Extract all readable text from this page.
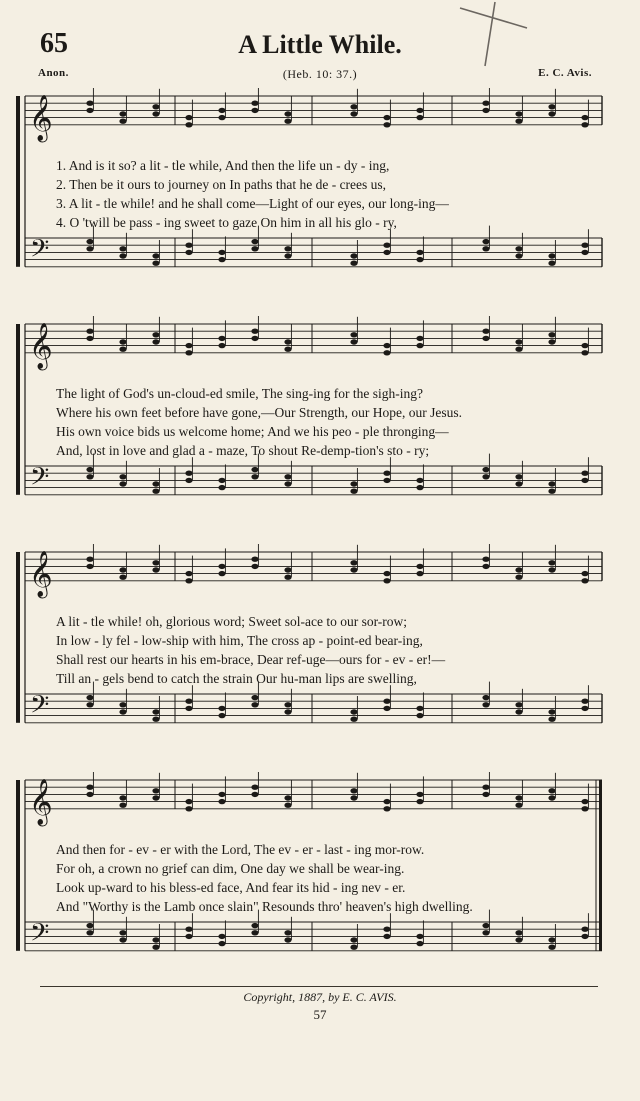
65	A Little While.
Anon.	(Heb. 10: 37.)	E. C. Avis.
𝄞
𝄢
1. And is it so? a lit - tle while, And then the life un - dy - ing,
2. Then be it ours to journey on In paths that he de - crees us,
3. A lit - tle while! and he shall come—Light of our eyes, our long-ing—
4. O 'twill be pass - ing sweet to gaze On him in all his glo - ry,
𝄞
𝄢
The light of God's un-cloud-ed smile, The sing-ing for the sigh-ing?
Where his own feet before have gone,—Our Strength, our Hope, our Jesus.
His own voice bids us welcome home; And we his peo - ple thronging—
And, lost in love and glad a - maze, To shout Re-demp-tion's sto - ry;
𝄞
𝄢
A lit - tle while! oh, glorious word; Sweet sol-ace to our sor-row;
In low - ly fel - low-ship with him, The cross ap - point-ed bear-ing,
Shall rest our hearts in his em-brace, Dear ref-uge—ours for - ev - er!—
Till an - gels bend to catch the strain Our hu-man lips are swelling,
𝄞
𝄢
And then for - ev - er with the Lord, The ev - er - last - ing mor-row.
For oh, a crown no grief can dim, One day we shall be wear-ing.
Look up-ward to his bless-ed face, And fear its hid - ing nev - er.
And "Worthy is the Lamb once slain" Resounds thro' heaven's high dwelling.
Copyright, 1887, by E. C. AVIS.
57
